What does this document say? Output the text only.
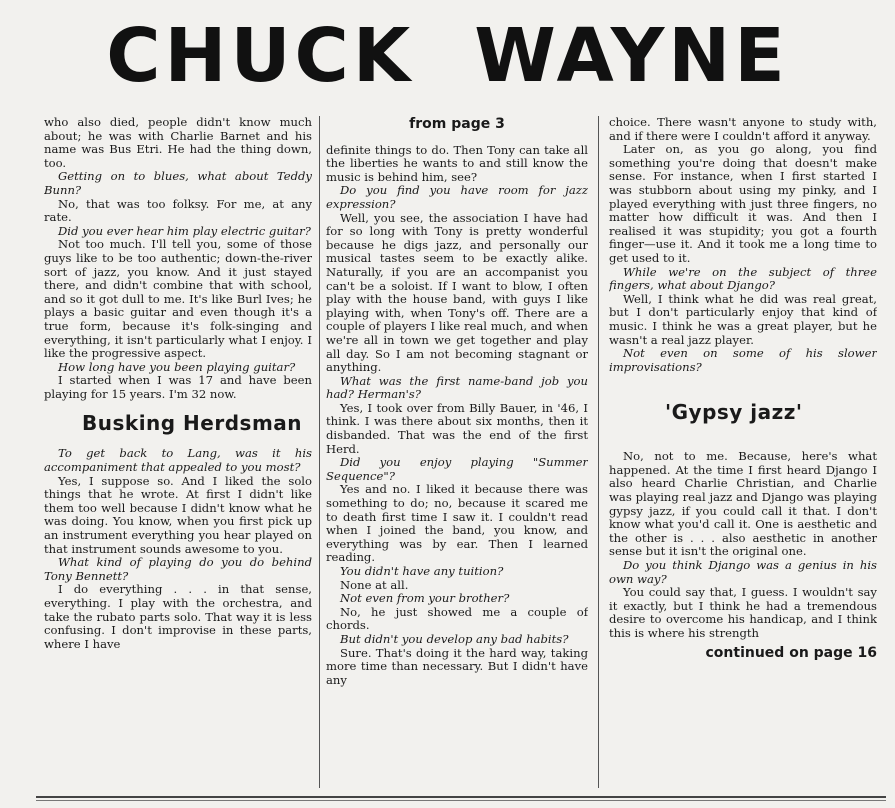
CHUCK WAYNE

who also died, people didn't know much about; he was with Charlie Barnet and his name was Bus Etri. He had the thing down, too.

Getting on to blues, what about Teddy Bunn?

No, that was too folksy. For me, at any rate.

Did you ever hear him play electric guitar?

Not too much. I'll tell you, some of those guys like to be too authentic; down-the-river sort of jazz, you know. And it just stayed there, and didn't combine that with school, and so it got dull to me. It's like Burl Ives; he plays a basic guitar and even though it's a true form, because it's folk-singing and everything, it isn't particularly what I enjoy. I like the progressive aspect.

How long have you been playing guitar?

I started when I was 17 and have been playing for 15 years. I'm 32 now.

Busking Herdsman

To get back to Lang, was it his accompaniment that appealed to you most?

Yes, I suppose so. And I liked the solo things that he wrote. At first I didn't like them too well because I didn't know what he was doing. You know, when you first pick up an instrument everything you hear played on that instrument sounds awesome to you.

What kind of playing do you do behind Tony Bennett?

I do everything . . . in that sense, everything. I play with the orchestra, and take the rubato parts solo. That way it is less confusing. I don't improvise in these parts, where I have

from page 3

definite things to do. Then Tony can take all the liberties he wants to and still know the music is behind him, see?

Do you find you have room for jazz expression?

Well, you see, the association I have had for so long with Tony is pretty wonderful because he digs jazz, and personally our musical tastes seem to be exactly alike. Naturally, if you are an accompanist you can't be a soloist. If I want to blow, I often play with the house band, with guys I like playing with, when Tony's off. There are a couple of players I like real much, and when we're all in town we get together and play all day. So I am not becoming stagnant or anything.

What was the first name-band job you had? Herman's?

Yes, I took over from Billy Bauer, in '46, I think. I was there about six months, then it disbanded. That was the end of the first Herd.

Did you enjoy playing "Summer Sequence"?

Yes and no. I liked it because there was something to do; no, because it scared me to death first time I saw it. I couldn't read when I joined the band, you know, and everything was by ear. Then I learned reading.

You didn't have any tuition?

None at all.

Not even from your brother?

No, he just showed me a couple of chords.

But didn't you develop any bad habits?

Sure. That's doing it the hard way, taking more time than necessary. But I didn't have any

choice. There wasn't anyone to study with, and if there were I couldn't afford it anyway.

Later on, as you go along, you find something you're doing that doesn't make sense. For instance, when I first started I was stubborn about using my pinky, and I played everything with just three fingers, no matter how difficult it was. And then I realised it was stupidity; you got a fourth finger—use it. And it took me a long time to get used to it.

While we're on the subject of three fingers, what about Django?

Well, I think what he did was real great, but I don't particularly enjoy that kind of music. I think he was a great player, but he wasn't a real jazz player.

Not even on some of his slower improvisations?

'Gypsy jazz'

No, not to me. Because, here's what happened. At the time I first heard Django I also heard Charlie Christian, and Charlie was playing real jazz and Django was playing gypsy jazz, if you could call it that. I don't know what you'd call it. One is aesthetic and the other is . . . also aesthetic in another sense but it isn't the original one.

Do you think Django was a genius in his own way?

You could say that, I guess. I wouldn't say it exactly, but I think he had a tremendous desire to overcome his handicap, and I think this is where his strength

continued on page 16
